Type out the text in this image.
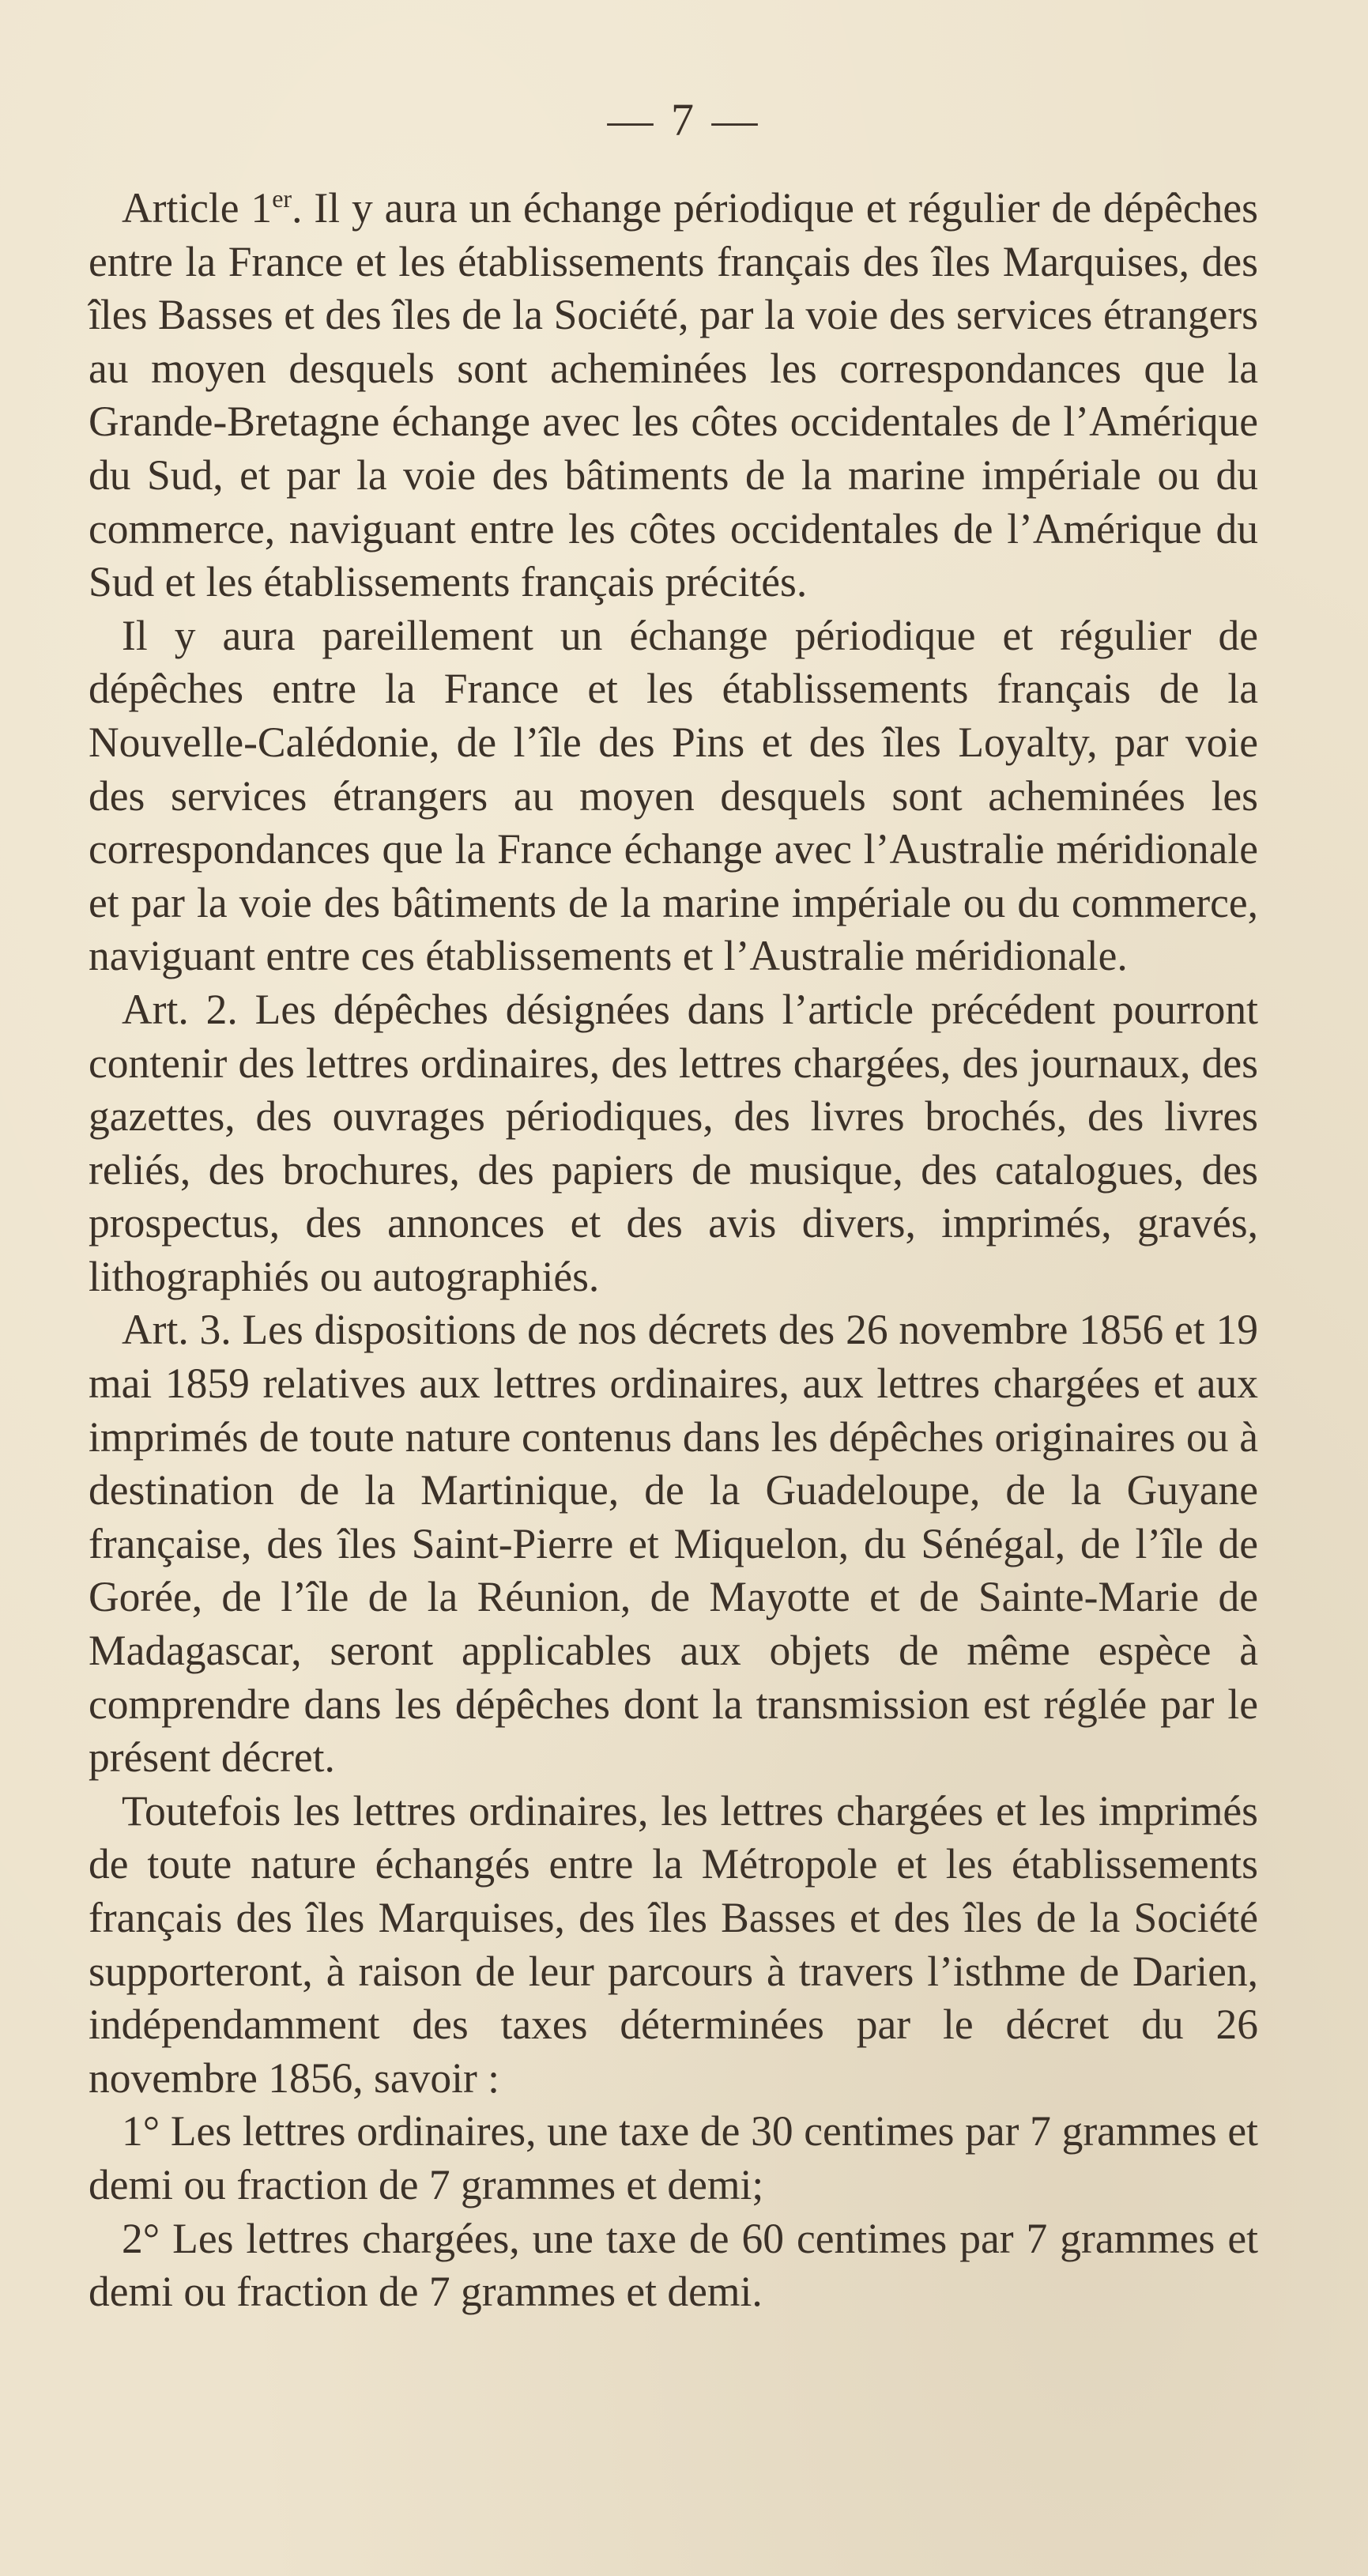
— 7 —

Article 1er. Il y aura un échange périodique et régulier de dépêches entre la France et les établissements français des îles Marquises, des îles Basses et des îles de la Société, par la voie des services étrangers au moyen desquels sont acheminées les correspondances que la Grande-Bretagne échange avec les côtes occidentales de l’Amérique du Sud, et par la voie des bâtiments de la marine impériale ou du commerce, naviguant entre les côtes occidentales de l’Amérique du Sud et les établissements français précités.

Il y aura pareillement un échange périodique et régulier de dépêches entre la France et les établissements français de la Nouvelle-Calédonie, de l’île des Pins et des îles Loyalty, par voie des services étrangers au moyen desquels sont acheminées les correspondances que la France échange avec l’Australie méridionale et par la voie des bâtiments de la marine impériale ou du commerce, naviguant entre ces établissements et l’Australie méridionale.

Art. 2. Les dépêches désignées dans l’article précédent pourront contenir des lettres ordinaires, des lettres chargées, des journaux, des gazettes, des ouvrages périodiques, des livres brochés, des livres reliés, des brochures, des papiers de musique, des catalogues, des prospectus, des annonces et des avis divers, imprimés, gravés, lithographiés ou autographiés.

Art. 3. Les dispositions de nos décrets des 26 novembre 1856 et 19 mai 1859 relatives aux lettres ordinaires, aux lettres chargées et aux imprimés de toute nature contenus dans les dépêches originaires ou à destination de la Martinique, de la Guadeloupe, de la Guyane française, des îles Saint-Pierre et Miquelon, du Sénégal, de l’île de Gorée, de l’île de la Réunion, de Mayotte et de Sainte-Marie de Madagascar, seront applicables aux objets de même espèce à comprendre dans les dépêches dont la transmission est réglée par le présent décret.

Toutefois les lettres ordinaires, les lettres chargées et les imprimés de toute nature échangés entre la Métropole et les établissements français des îles Marquises, des îles Basses et des îles de la Société supporteront, à raison de leur parcours à travers l’isthme de Darien, indépendamment des taxes déterminées par le décret du 26 novembre 1856, savoir :

1° Les lettres ordinaires, une taxe de 30 centimes par 7 grammes et demi ou fraction de 7 grammes et demi;

2° Les lettres chargées, une taxe de 60 centimes par 7 grammes et demi ou fraction de 7 grammes et demi.
